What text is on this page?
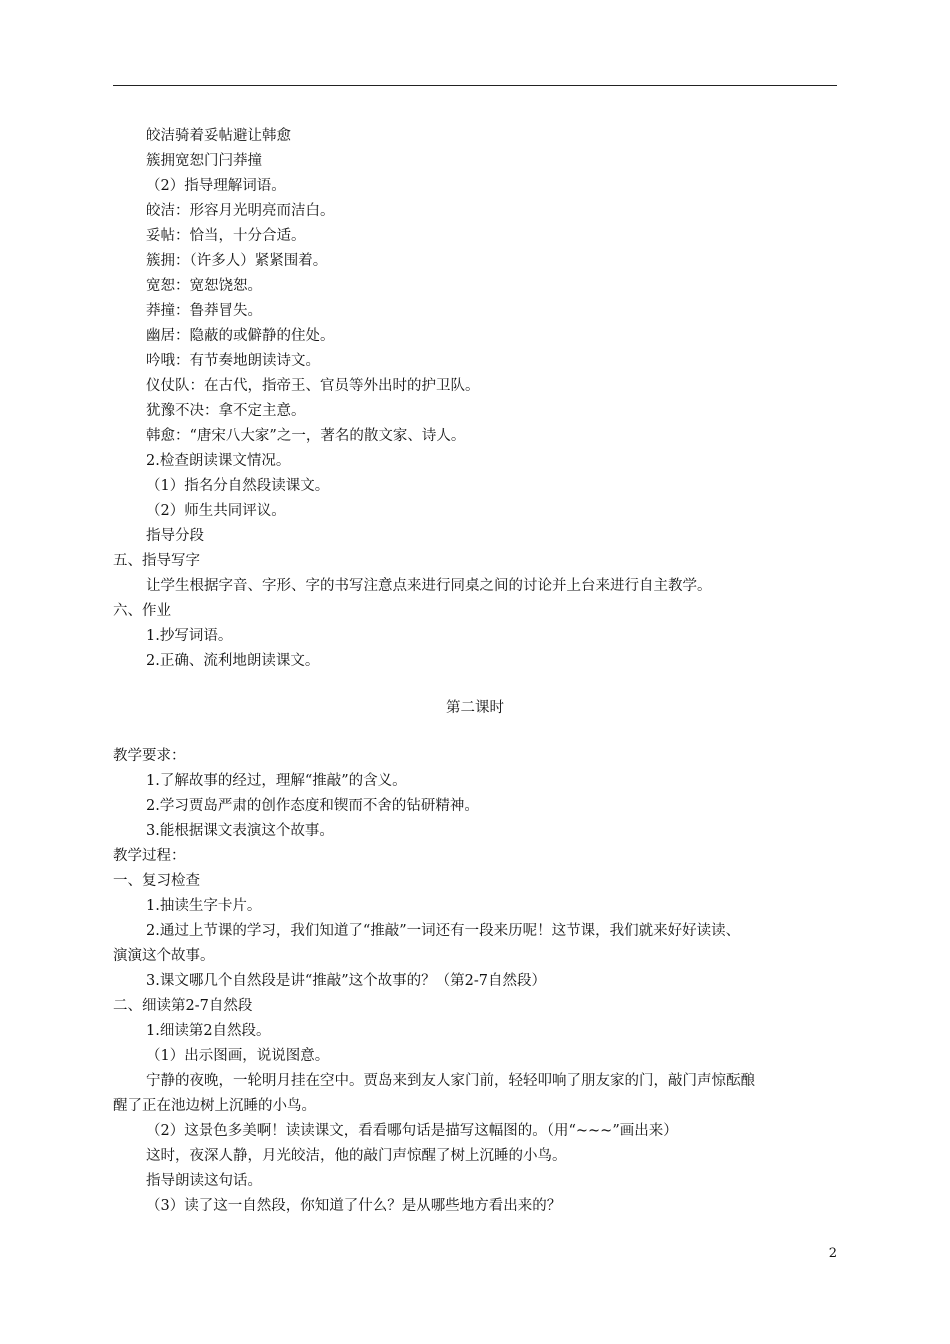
皎洁骑着妥帖避让韩愈
簇拥宽恕门闩莽撞
（2）指导理解词语。
皎洁：形容月光明亮而洁白。
妥帖：恰当，十分合适。
簇拥：（许多人）紧紧围着。
宽恕：宽恕饶恕。
莽撞：鲁莽冒失。
幽居：隐蔽的或僻静的住处。
吟哦：有节奏地朗读诗文。
仪仗队：在古代，指帝王、官员等外出时的护卫队。
犹豫不决：拿不定主意。
韩愈：“唐宋八大家”之一，著名的散文家、诗人。
2.检查朗读课文情况。
（1）指名分自然段读课文。
（2）师生共同评议。
指导分段
五、指导写字
让学生根据字音、字形、字的书写注意点来进行同桌之间的讨论并上台来进行自主教学。
六、作业
1.抄写词语。
2.正确、流利地朗读课文。
第二课时
教学要求：
1.了解故事的经过，理解“推敲”的含义。
2.学习贾岛严肃的创作态度和锲而不舍的钻研精神。
3.能根据课文表演这个故事。
教学过程：
一、复习检查
1.抽读生字卡片。
2.通过上节课的学习，我们知道了“推敲”一词还有一段来历呢！这节课，我们就来好好读读、
演演这个故事。
3.课文哪几个自然段是讲“推敲”这个故事的？（第2-7自然段）
二、细读第2-7自然段
1.细读第2自然段。
（1）出示图画，说说图意。
宁静的夜晚，一轮明月挂在空中。贾岛来到友人家门前，轻轻叩响了朋友家的门，敲门声惊酝酿
醒了正在池边树上沉睡的小鸟。
（2）这景色多美啊！读读课文，看看哪句话是描写这幅图的。（用“~~~”画出来）
这时，夜深人静，月光皎洁，他的敲门声惊醒了树上沉睡的小鸟。
指导朗读这句话。
（3）读了这一自然段，你知道了什么？是从哪些地方看出来的？
2
